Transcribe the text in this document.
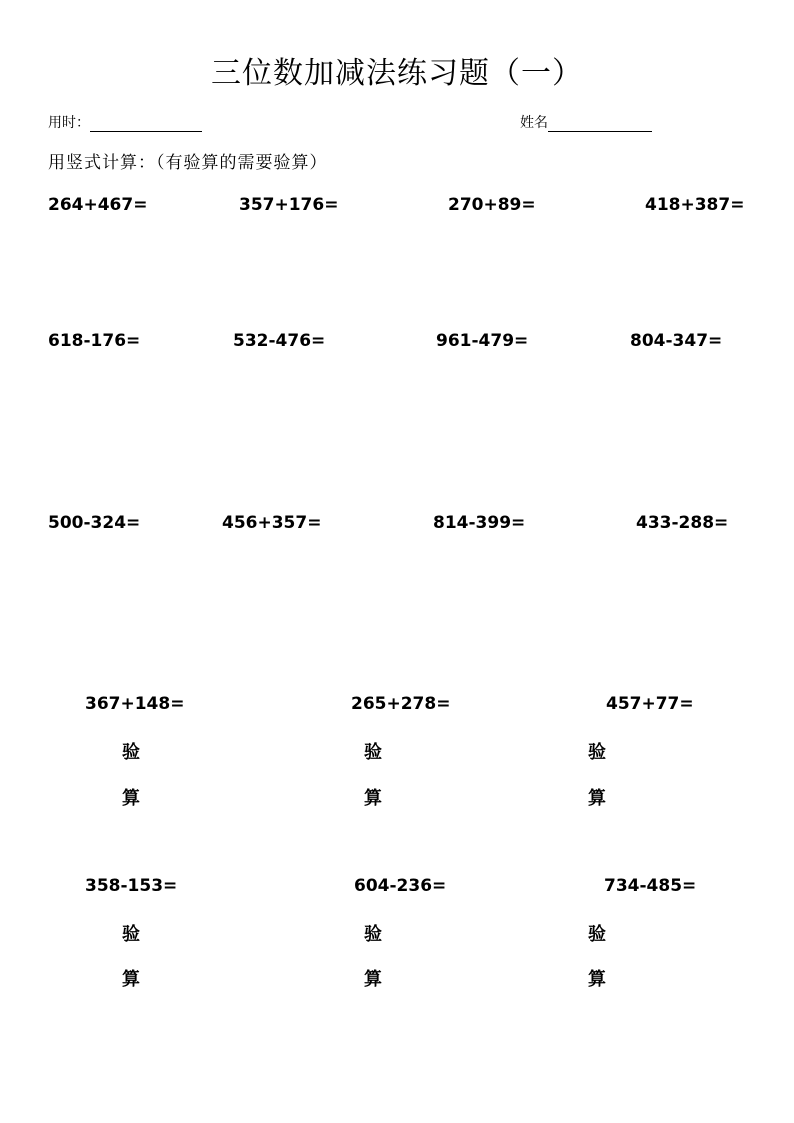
三位数加减法练习题（一）
用时：	姓名
用竖式计算：（有验算的需要验算）
264+467=	357+176=	270+89=	418+387=
618-176=	532-476=	961-479=	804-347=
500-324=	456+357=	814-399=	433-288=
367+148=	265+278=	457+77=
验
算
验
算
验
算
358-153=	604-236=	734-485=
验
算
验
算
验
算
